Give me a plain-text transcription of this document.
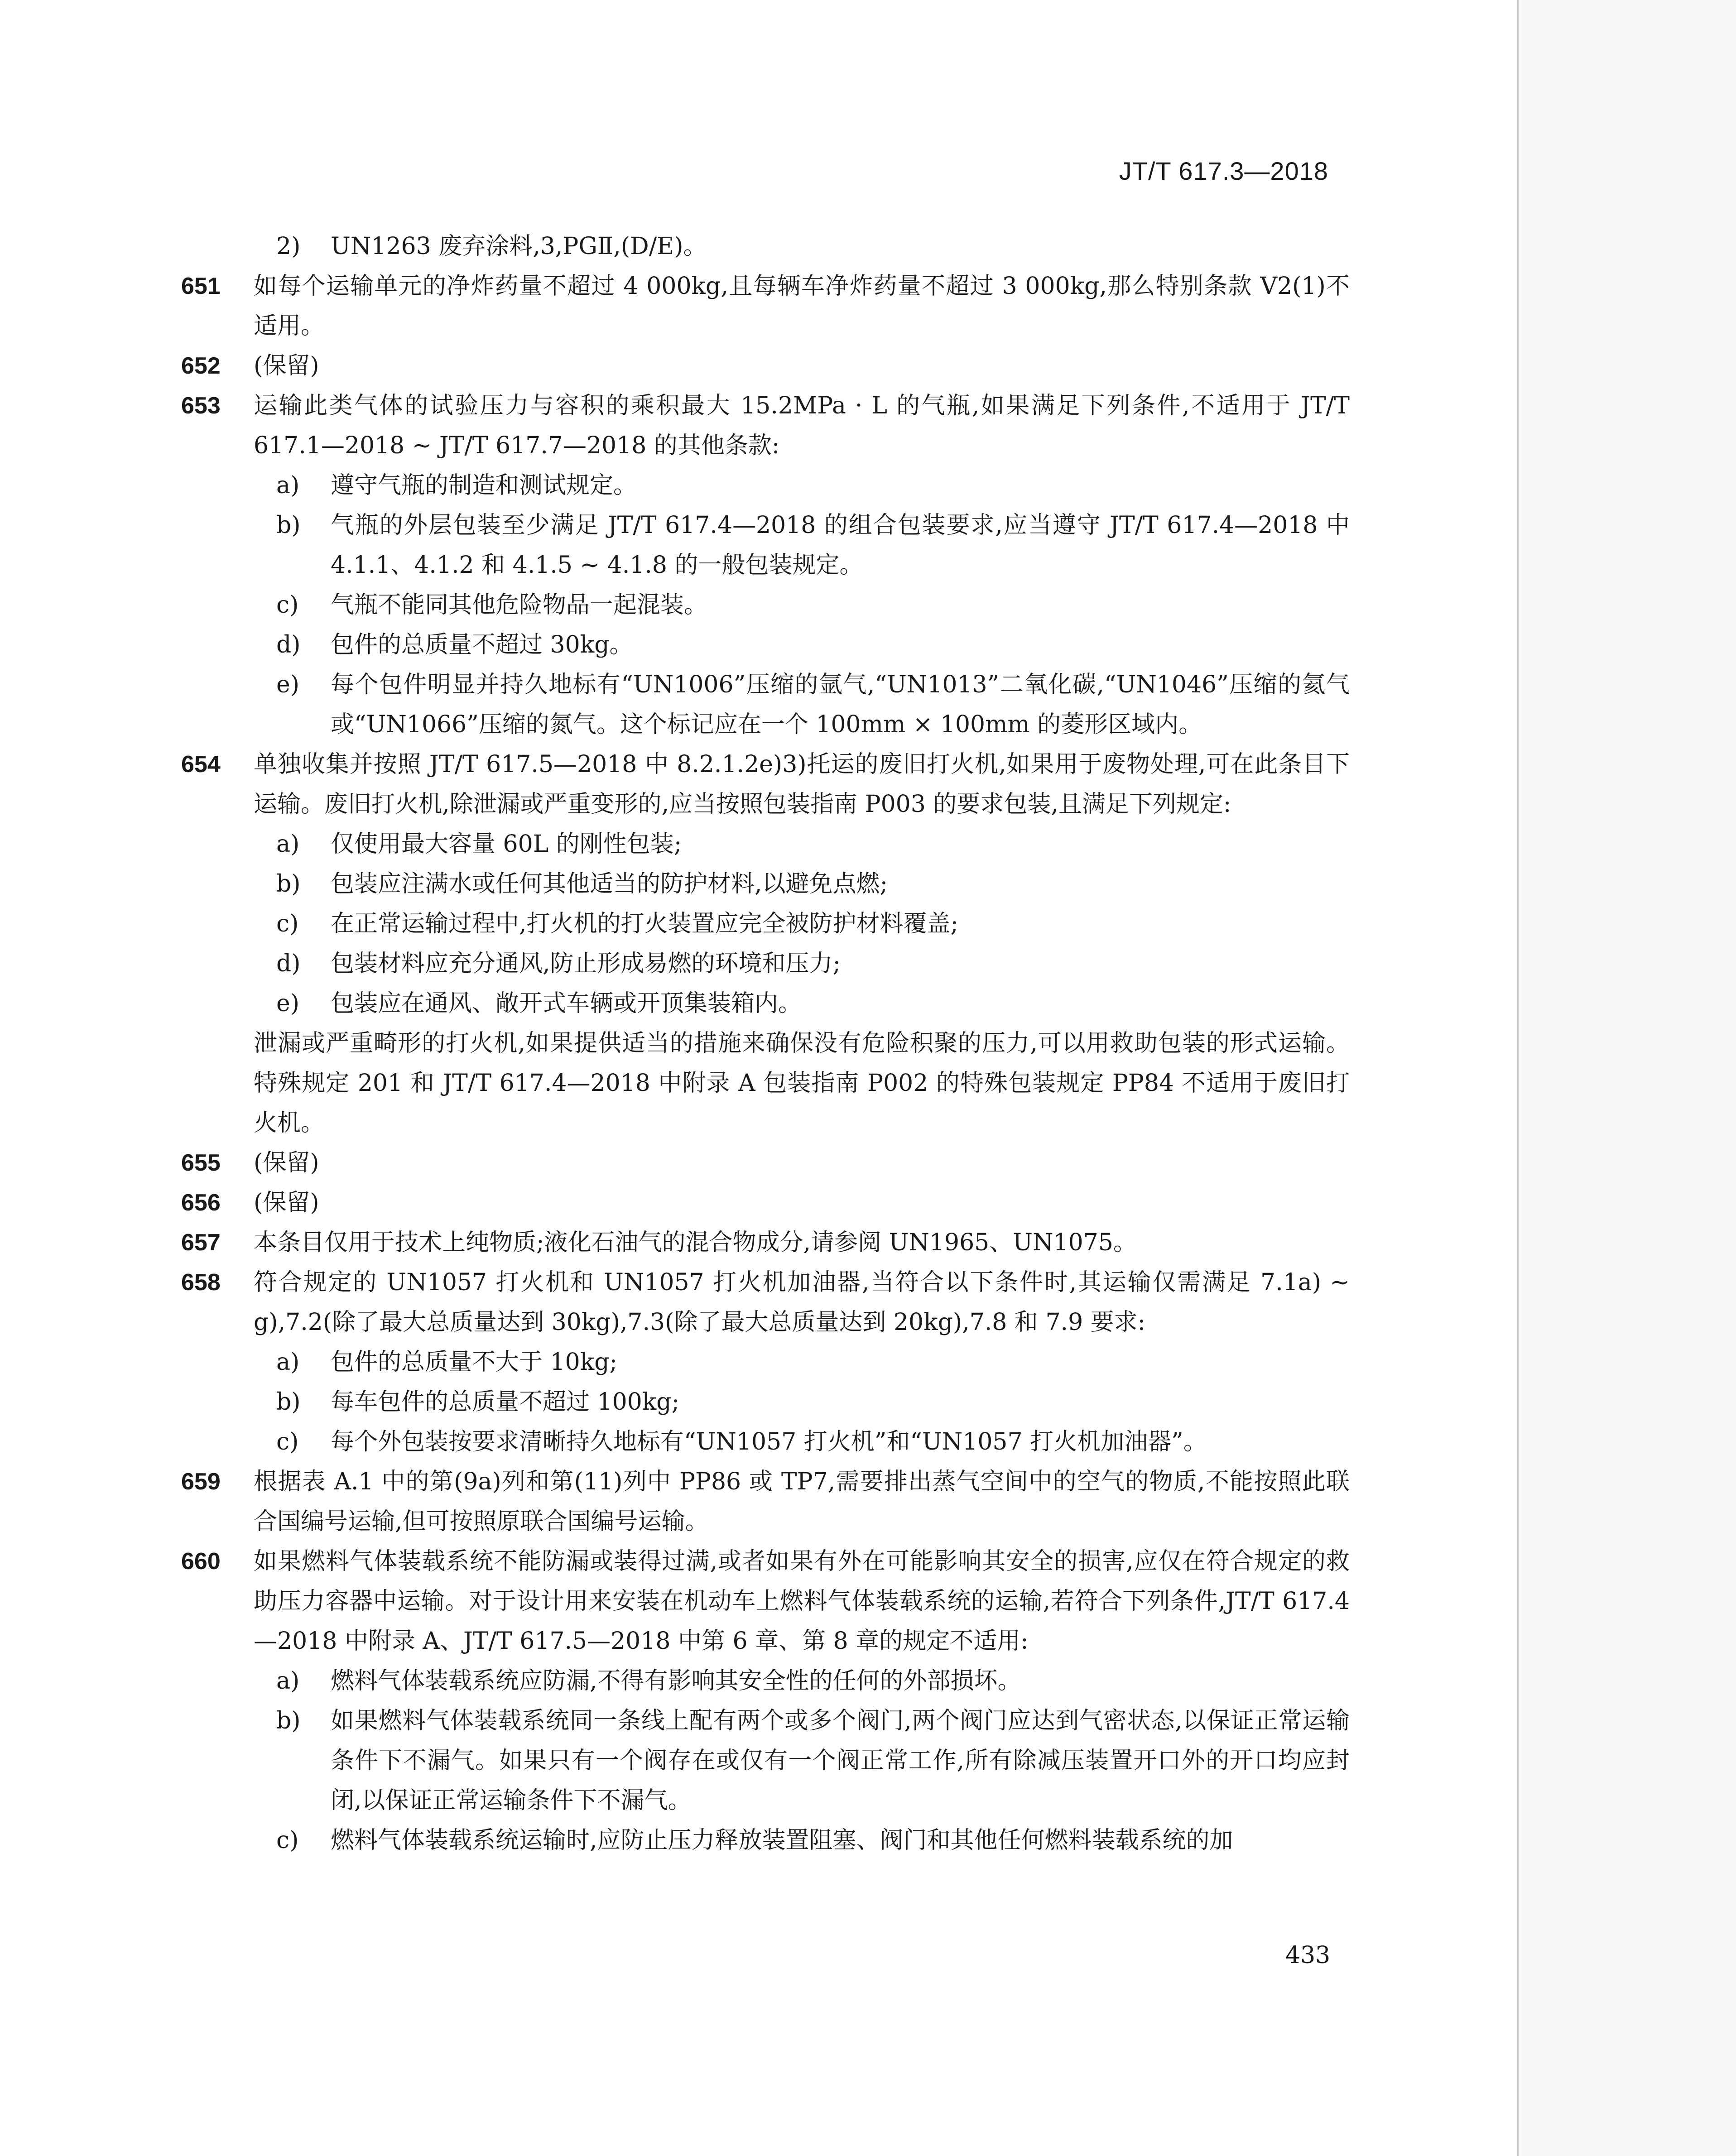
JT/T 617.3—2018
2)	UN1263 废弃涂料,3,PGⅡ,(D/E)。
651	如每个运输单元的净炸药量不超过 4 000kg,且每辆车净炸药量不超过 3 000kg,那么特别条款 V2(1)不适用。
652	(保留)
653	运输此类气体的试验压力与容积的乘积最大 15.2MPa · L 的气瓶,如果满足下列条件,不适用于 JT/T 617.1—2018 ~ JT/T 617.7—2018 的其他条款:
a)	遵守气瓶的制造和测试规定。
b)	气瓶的外层包装至少满足 JT/T 617.4—2018 的组合包装要求,应当遵守 JT/T 617.4—2018 中 4.1.1、4.1.2 和 4.1.5 ~ 4.1.8 的一般包装规定。
c)	气瓶不能同其他危险物品一起混装。
d)	包件的总质量不超过 30kg。
e)	每个包件明显并持久地标有“UN1006”压缩的氩气,“UN1013”二氧化碳,“UN1046”压缩的氦气或“UN1066”压缩的氮气。这个标记应在一个 100mm × 100mm 的菱形区域内。
654	单独收集并按照 JT/T 617.5—2018 中 8.2.1.2e)3)托运的废旧打火机,如果用于废物处理,可在此条目下运输。废旧打火机,除泄漏或严重变形的,应当按照包装指南 P003 的要求包装,且满足下列规定:
a)	仅使用最大容量 60L 的刚性包装;
b)	包装应注满水或任何其他适当的防护材料,以避免点燃;
c)	在正常运输过程中,打火机的打火装置应完全被防护材料覆盖;
d)	包装材料应充分通风,防止形成易燃的环境和压力;
e)	包装应在通风、敞开式车辆或开顶集装箱内。
泄漏或严重畸形的打火机,如果提供适当的措施来确保没有危险积聚的压力,可以用救助包装的形式运输。特殊规定 201 和 JT/T 617.4—2018 中附录 A 包装指南 P002 的特殊包装规定 PP84 不适用于废旧打火机。
655	(保留)
656	(保留)
657	本条目仅用于技术上纯物质;液化石油气的混合物成分,请参阅 UN1965、UN1075。
658	符合规定的 UN1057 打火机和 UN1057 打火机加油器,当符合以下条件时,其运输仅需满足 7.1a) ~ g),7.2(除了最大总质量达到 30kg),7.3(除了最大总质量达到 20kg),7.8 和 7.9 要求:
a)	包件的总质量不大于 10kg;
b)	每车包件的总质量不超过 100kg;
c)	每个外包装按要求清晰持久地标有“UN1057 打火机”和“UN1057 打火机加油器”。
659	根据表 A.1 中的第(9a)列和第(11)列中 PP86 或 TP7,需要排出蒸气空间中的空气的物质,不能按照此联合国编号运输,但可按照原联合国编号运输。
660	如果燃料气体装载系统不能防漏或装得过满,或者如果有外在可能影响其安全的损害,应仅在符合规定的救助压力容器中运输。对于设计用来安装在机动车上燃料气体装载系统的运输,若符合下列条件,JT/T 617.4—2018 中附录 A、JT/T 617.5—2018 中第 6 章、第 8 章的规定不适用:
a)	燃料气体装载系统应防漏,不得有影响其安全性的任何的外部损坏。
b)	如果燃料气体装载系统同一条线上配有两个或多个阀门,两个阀门应达到气密状态,以保证正常运输条件下不漏气。如果只有一个阀存在或仅有一个阀正常工作,所有除减压装置开口外的开口均应封闭,以保证正常运输条件下不漏气。
c)	燃料气体装载系统运输时,应防止压力释放装置阻塞、阀门和其他任何燃料装载系统的加
433
